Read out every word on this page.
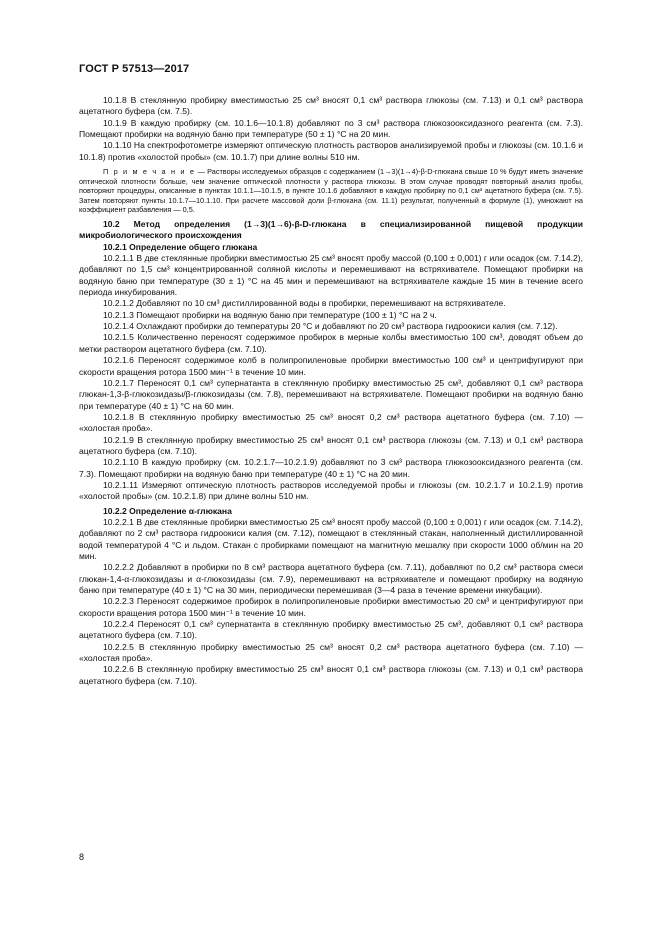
ГОСТ Р 57513—2017

10.1.8 В стеклянную пробирку вместимостью 25 см³ вносят 0,1 см³ раствора глюкозы (см. 7.13) и 0,1 см³ раствора ацетатного буфера (см. 7.5).

10.1.9 В каждую пробирку (см. 10.1.6—10.1.8) добавляют по 3 см³ раствора глюкозооксидазного реагента (см. 7.3). Помещают пробирки на водяную баню при температуре (50 ± 1) °С на 20 мин.

10.1.10 На спектрофотометре измеряют оптическую плотность растворов анализируемой пробы и глюкозы (см. 10.1.6 и 10.1.8) против «холостой пробы» (см. 10.1.7) при длине волны 510 нм.

П р и м е ч а н и е — Растворы исследуемых образцов с содержанием (1→3)(1→4)-β-D-глюкана свыше 10 % будут иметь значение оптической плотности больше, чем значение оптической плотности у раствора глюкозы. В этом случае проводят повторный анализ пробы, повторяют процедуры, описанные в пунктах 10.1.1—10.1.5, в пункте 10.1.6 добавляют в каждую пробирку по 0,1 см³ ацетатного буфера (см. 7.5). Затем повторяют пункты 10.1.7—10.1.10. При расчете массовой доли β-глюкана (см. 11.1) результат, полученный в формуле (1), умножают на коэффициент разбавления — 0,5.

10.2 Метод определения (1→3)(1→6)-β-D-глюкана в специализированной пищевой продукции микробиологического происхождения

10.2.1 Определение общего глюкана

10.2.1.1 В две стеклянные пробирки вместимостью 25 см³ вносят пробу массой (0,100 ± 0,001) г или осадок (см. 7.14.2), добавляют по 1,5 см³ концентрированной соляной кислоты и перемешивают на встряхивателе. Помещают пробирки на водяную баню при температуре (30 ± 1) °С на 45 мин и перемешивают на встряхивателе каждые 15 мин в течение всего периода инкубирования.

10.2.1.2 Добавляют по 10 см³ дистиллированной воды в пробирки, перемешивают на встряхивателе.

10.2.1.3 Помещают пробирки на водяную баню при температуре (100 ± 1) °С на 2 ч.

10.2.1.4 Охлаждают пробирки до температуры 20 °С и добавляют по 20 см³ раствора гидроокиси калия (см. 7.12).

10.2.1.5 Количественно переносят содержимое пробирок в мерные колбы вместимостью 100 см³, доводят объем до метки раствором ацетатного буфера (см. 7.10).

10.2.1.6 Переносят содержимое колб в полипропиленовые пробирки вместимостью 100 см³ и центрифугируют при скорости вращения ротора 1500 мин⁻¹ в течение 10 мин.

10.2.1.7 Переносят 0,1 см³ супернатанта в стеклянную пробирку вместимостью 25 см³, добавляют 0,1 см³ раствора глюкан-1,3-β-глюкозидазы/β-глюкозидазы (см. 7.8), перемешивают на встряхивателе. Помещают пробирки на водяную баню при температуре (40 ± 1) °С на 60 мин.

10.2.1.8 В стеклянную пробирку вместимостью 25 см³ вносят 0,2 см³ раствора ацетатного буфера (см. 7.10) — «холостая проба».

10.2.1.9 В стеклянную пробирку вместимостью 25 см³ вносят 0,1 см³ раствора глюкозы (см. 7.13) и 0,1 см³ раствора ацетатного буфера (см. 7.10).

10.2.1.10 В каждую пробирку (см. 10.2.1.7—10.2.1.9) добавляют по 3 см³ раствора глюкозооксидазного реагента (см. 7.3). Помещают пробирки на водяную баню при температуре (40 ± 1) °С на 20 мин.

10.2.1.11 Измеряют оптическую плотность растворов исследуемой пробы и глюкозы (см. 10.2.1.7 и 10.2.1.9) против «холостой пробы» (см. 10.2.1.8) при длине волны 510 нм.

10.2.2 Определение α-глюкана

10.2.2.1 В две стеклянные пробирки вместимостью 25 см³ вносят пробу массой (0,100 ± 0,001) г или осадок (см. 7.14.2), добавляют по 2 см³ раствора гидроокиси калия (см. 7.12), помещают в стеклянный стакан, наполненный дистиллированной водой температурой 4 °С и льдом. Стакан с пробирками помещают на магнитную мешалку при скорости 1000 об/мин на 20 мин.

10.2.2.2 Добавляют в пробирки по 8 см³ раствора ацетатного буфера (см. 7.11), добавляют по 0,2 см³ раствора смеси глюкан-1,4-α-глюкозидазы и α-глюкозидазы (см. 7.9), перемешивают на встряхивателе и помещают пробирку на водяную баню при температуре (40 ± 1) °С на 30 мин, периодически перемешивая (3—4 раза в течение времени инкубации).

10.2.2.3 Переносят содержимое пробирок в полипропиленовые пробирки вместимостью 20 см³ и центрифугируют при скорости вращения ротора 1500 мин⁻¹ в течение 10 мин.

10.2.2.4 Переносят 0,1 см³ супернатанта в стеклянную пробирку вместимостью 25 см³, добавляют 0,1 см³ раствора ацетатного буфера (см. 7.10).

10.2.2.5 В стеклянную пробирку вместимостью 25 см³ вносят 0,2 см³ раствора ацетатного буфера (см. 7.10) — «холостая проба».

10.2.2.6 В стеклянную пробирку вместимостью 25 см³ вносят 0,1 см³ раствора глюкозы (см. 7.13) и 0,1 см³ раствора ацетатного буфера (см. 7.10).

8
